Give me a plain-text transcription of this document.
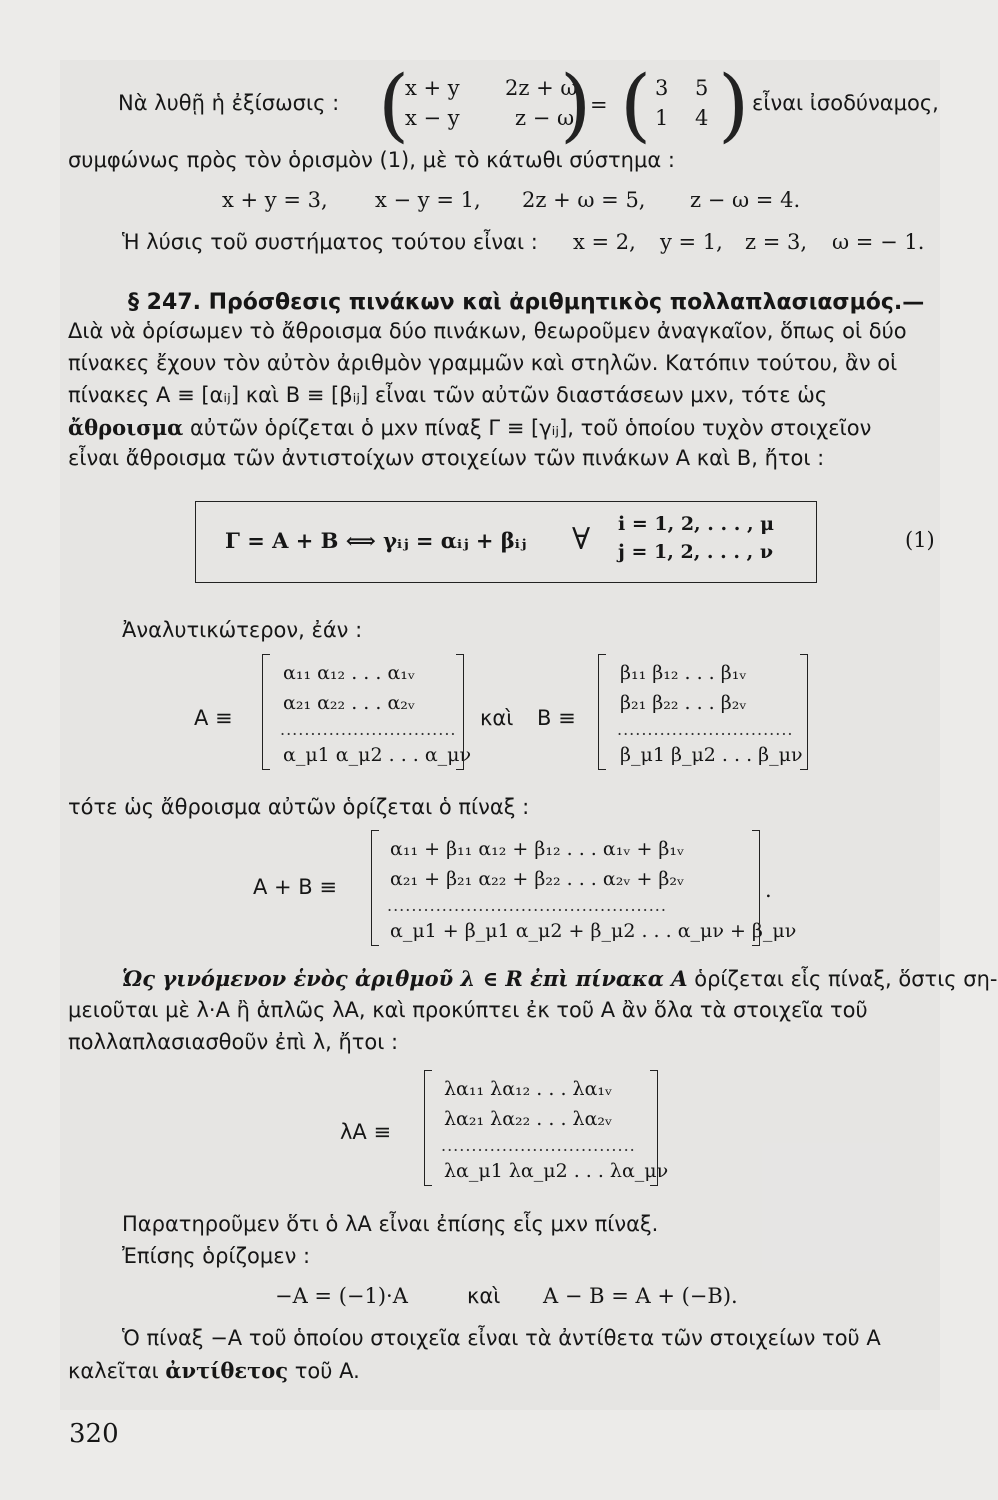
Νὰ λυθῇ ἡ ἐξίσωσις : (
x + y 2z + ω
x − y	z − ω
)
= ( 3 5
1 4 ) εἶναι ἰσοδύναμος,
συμφώνως πρὸς τὸν ὁρισμὸν (1), μὲ τὸ κάτωθι σύστημα :
x + y = 3, x − y = 1, 2z + ω = 5, z − ω = 4.
Ἡ λύσις τοῦ συστήματος τούτου εἶναι : x = 2, y = 1, z = 3, ω = − 1.
§ 247. Πρόσθεσις πινάκων καὶ ἀριθμητικὸς πολλαπλασιασμός.—
Διὰ νὰ ὁρίσωμεν τὸ ἄθροισμα δύο πινάκων, θεωροῦμεν ἀναγκαῖον, ὅπως οἱ δύο
πίνακες ἔχουν τὸν αὐτὸν ἀριθμὸν γραμμῶν καὶ στηλῶν. Κατόπιν τούτου, ἂν οἱ
πίνακες A ≡ [αᵢⱼ] καὶ B ≡ [βᵢⱼ] εἶναι τῶν αὐτῶν διαστάσεων μxν, τότε ὡς
ἄθροισμα αὐτῶν ὁρίζεται ὁ μxν πίναξ Γ ≡ [γᵢⱼ], τοῦ ὁποίου τυχὸν στοιχεῖον
εἶναι ἄθροισμα τῶν ἀντιστοίχων στοιχείων τῶν πινάκων A καὶ B, ἤτοι :
Γ = A + B ⟺ γᵢⱼ = αᵢⱼ + βᵢⱼ ∀ i = 1, 2, . . . , μ
j = 1, 2, . . . , ν	(1)
Ἀναλυτικώτερον, ἐάν :
A ≡
α₁₁ α₁₂ . . . α₁ᵥ
α₂₁ α₂₂ . . . α₂ᵥ
.............................
α_μ1 α_μ2 . . . α_μν
καὶ B ≡
β₁₁ β₁₂ . . . β₁ᵥ
β₂₁ β₂₂ . . . β₂ᵥ
.............................
β_μ1 β_μ2 . . . β_μν
τότε ὡς ἄθροισμα αὐτῶν ὁρίζεται ὁ πίναξ :
A + B ≡
α₁₁ + β₁₁ α₁₂ + β₁₂ . . . α₁ᵥ + β₁ᵥ
α₂₁ + β₂₁ α₂₂ + β₂₂ . . . α₂ᵥ + β₂ᵥ
..............................................
α_μ1 + β_μ1 α_μ2 + β_μ2 . . . α_μν + β_μν
.
Ὡς γινόμενον ἑνὸς ἀριθμοῦ λ ∈ R ἐπὶ πίνακα A ὁρίζεται εἷς πίναξ, ὅστις ση-
μειοῦται μὲ λ·A ἢ ἁπλῶς λA, καὶ προκύπτει ἐκ τοῦ A ἂν ὅλα τὰ στοιχεῖα τοῦ
πολλαπλασιασθοῦν ἐπὶ λ, ἤτοι :
λA ≡
λα₁₁ λα₁₂ . . . λα₁ᵥ
λα₂₁ λα₂₂ . . . λα₂ᵥ
................................
λα_μ1 λα_μ2 . . . λα_μν
Παρατηροῦμεν ὅτι ὁ λA εἶναι ἐπίσης εἷς μxν πίναξ.
Ἐπίσης ὁρίζομεν :
−A = (−1)·A	καὶ A − B = A + (−B).
Ὁ πίναξ −A τοῦ ὁποίου στοιχεῖα εἶναι τὰ ἀντίθετα τῶν στοιχείων τοῦ A
καλεῖται ἀντίθετος τοῦ A.
320
